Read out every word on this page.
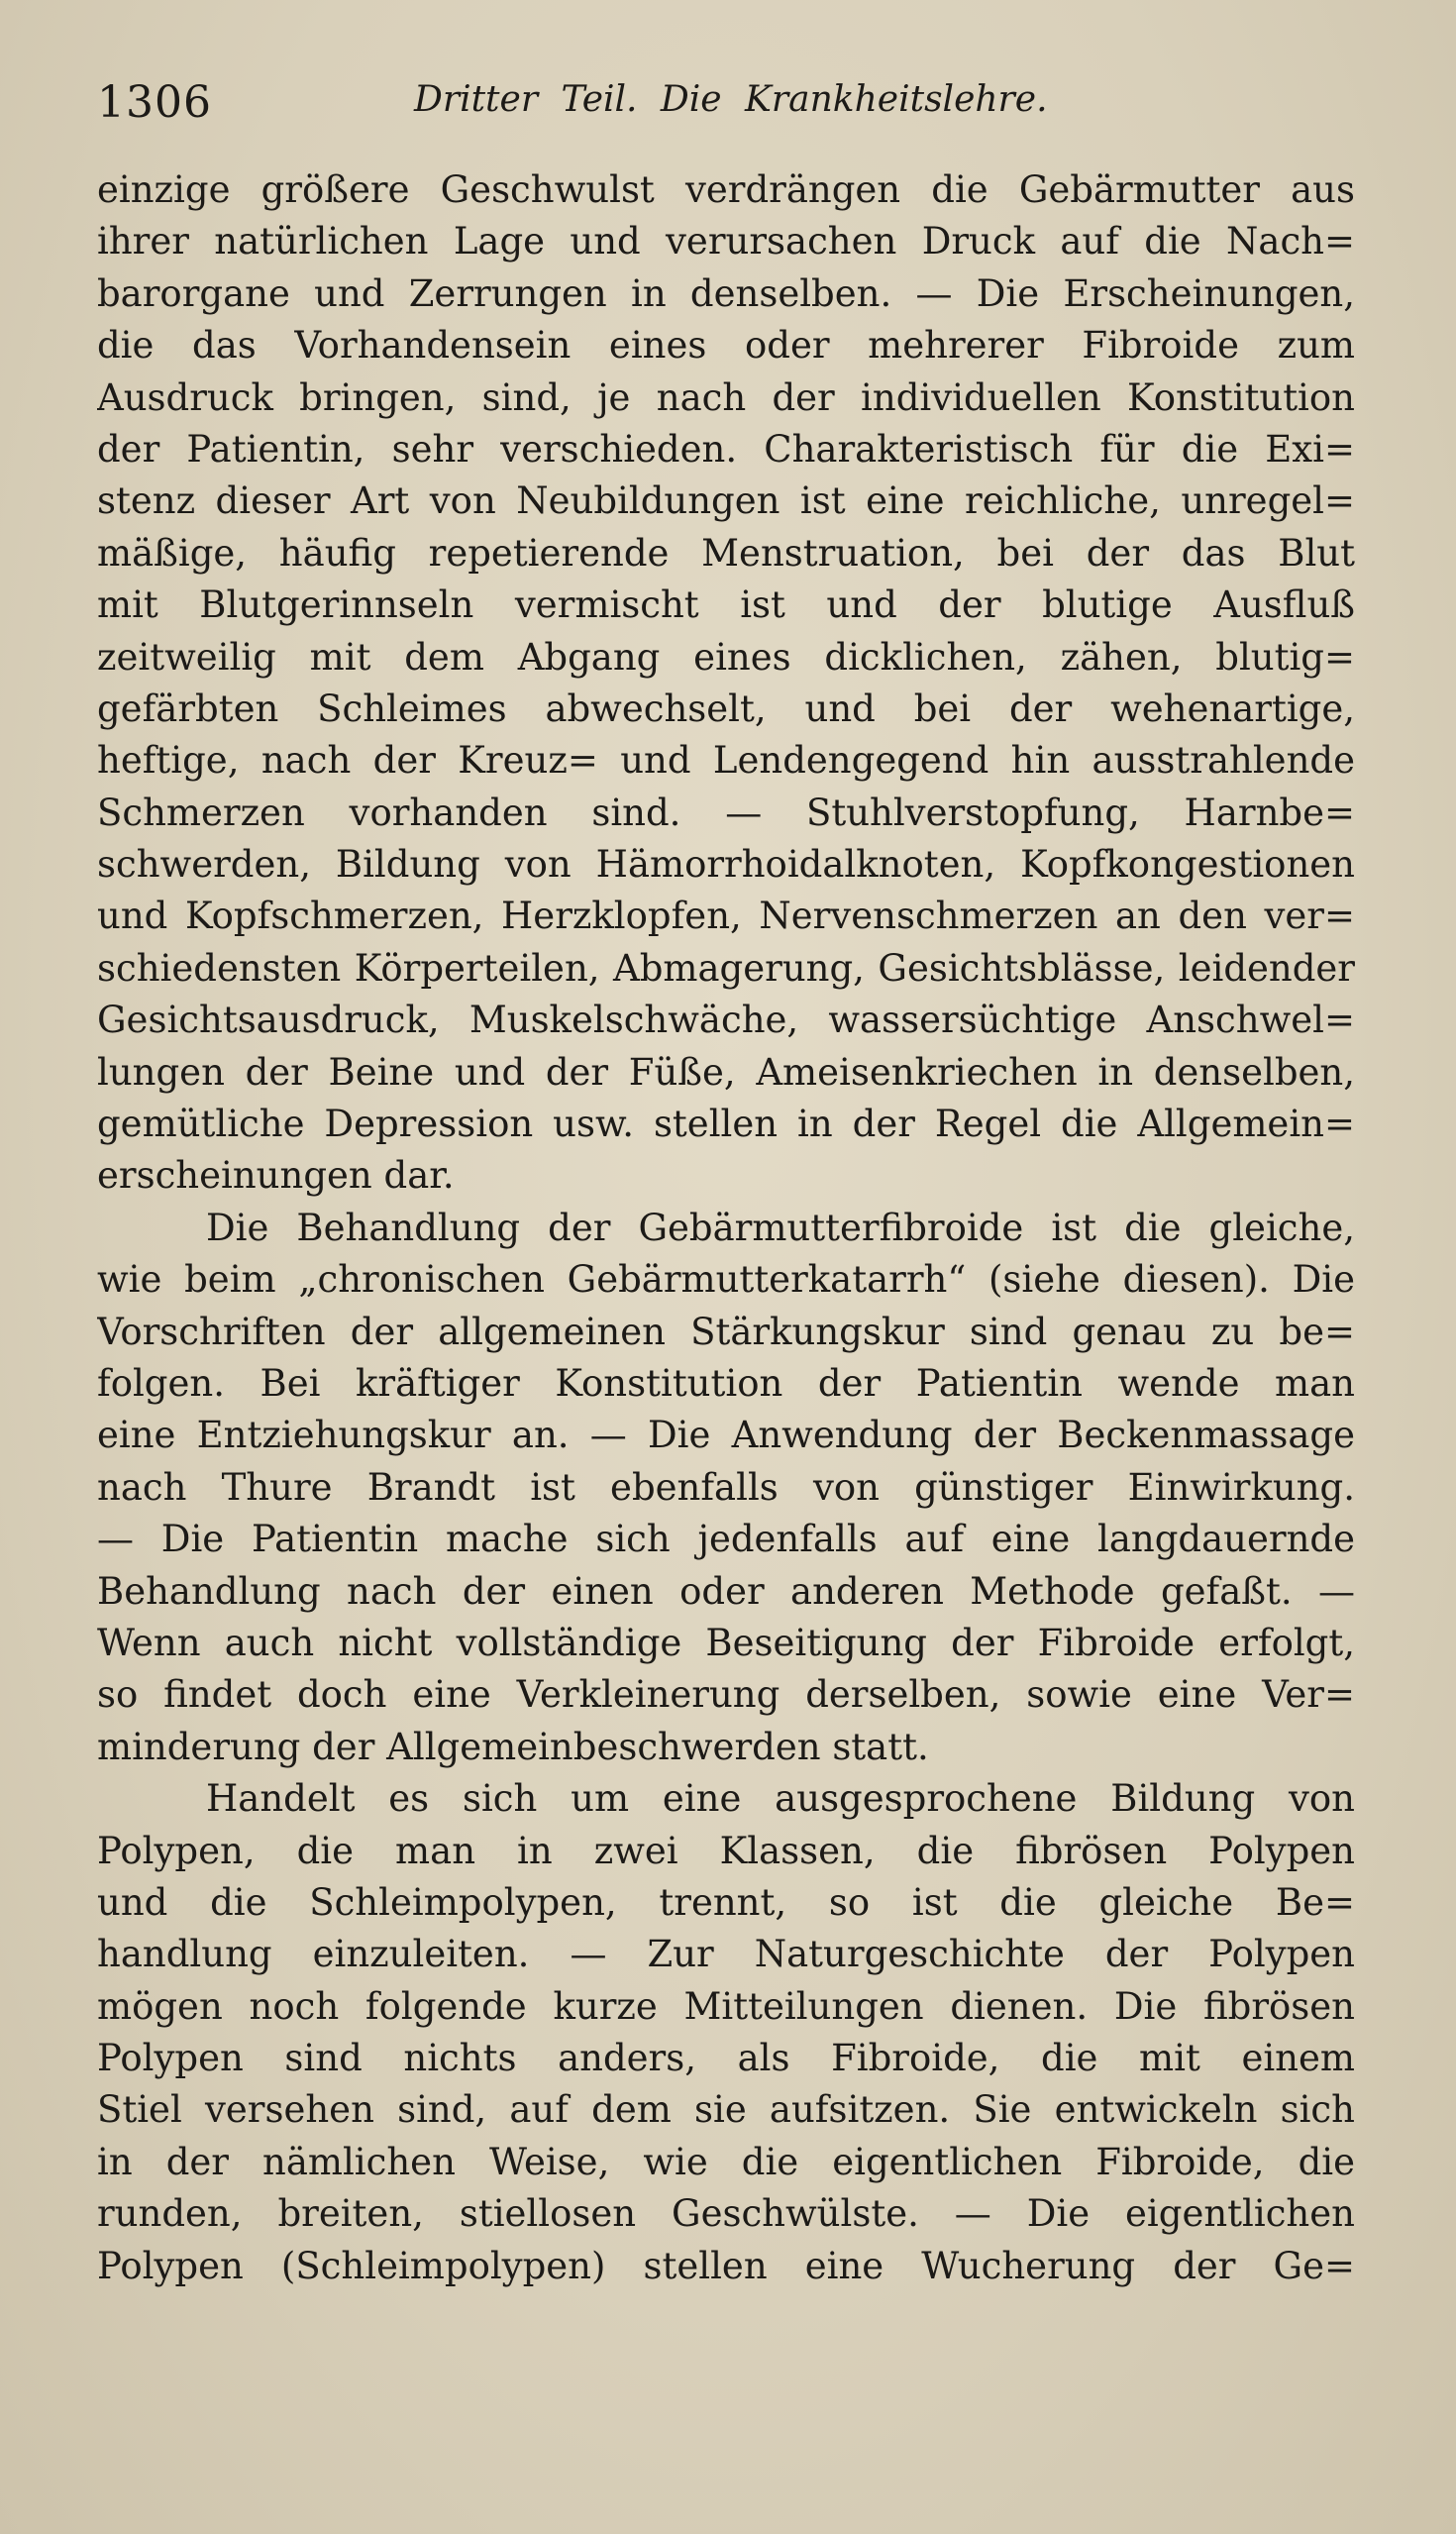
1306	Dritter Teil. Die Krankheitslehre.
einzige größere Geschwulst verdrängen die Gebärmutter aus
ihrer natürlichen Lage und verursachen Druck auf die Nach=
barorgane und Zerrungen in denselben. — Die Erscheinungen,
die das Vorhandensein eines oder mehrerer Fibroide zum
Ausdruck bringen, sind, je nach der individuellen Konstitution
der Patientin, sehr verschieden. Charakteristisch für die Exi=
stenz dieser Art von Neubildungen ist eine reichliche, unregel=
mäßige, häufig repetierende Menstruation, bei der das Blut
mit Blutgerinnseln vermischt ist und der blutige Ausfluß
zeitweilig mit dem Abgang eines dicklichen, zähen, blutig=
gefärbten Schleimes abwechselt, und bei der wehenartige,
heftige, nach der Kreuz= und Lendengegend hin ausstrahlende
Schmerzen vorhanden sind. — Stuhlverstopfung, Harnbe=
schwerden, Bildung von Hämorrhoidalknoten, Kopfkongestionen
und Kopfschmerzen, Herzklopfen, Nervenschmerzen an den ver=
schiedensten Körperteilen, Abmagerung, Gesichtsblässe, leidender
Gesichtsausdruck, Muskelschwäche, wassersüchtige Anschwel=
lungen der Beine und der Füße, Ameisenkriechen in denselben,
gemütliche Depression usw. stellen in der Regel die Allgemein=
erscheinungen dar.
Die Behandlung der Gebärmutterfibroide ist die gleiche,
wie beim „chronischen Gebärmutterkatarrh“ (siehe diesen). Die
Vorschriften der allgemeinen Stärkungskur sind genau zu be=
folgen. Bei kräftiger Konstitution der Patientin wende man
eine Entziehungskur an. — Die Anwendung der Beckenmassage
nach Thure Brandt ist ebenfalls von günstiger Einwirkung.
— Die Patientin mache sich jedenfalls auf eine langdauernde
Behandlung nach der einen oder anderen Methode gefaßt. —
Wenn auch nicht vollständige Beseitigung der Fibroide erfolgt,
so findet doch eine Verkleinerung derselben, sowie eine Ver=
minderung der Allgemeinbeschwerden statt.
Handelt es sich um eine ausgesprochene Bildung von
Polypen, die man in zwei Klassen, die fibrösen Polypen
und die Schleimpolypen, trennt, so ist die gleiche Be=
handlung einzuleiten. — Zur Naturgeschichte der Polypen
mögen noch folgende kurze Mitteilungen dienen. Die fibrösen
Polypen sind nichts anders, als Fibroide, die mit einem
Stiel versehen sind, auf dem sie aufsitzen. Sie entwickeln sich
in der nämlichen Weise, wie die eigentlichen Fibroide, die
runden, breiten, stiellosen Geschwülste. — Die eigentlichen
Polypen (Schleimpolypen) stellen eine Wucherung der Ge=
